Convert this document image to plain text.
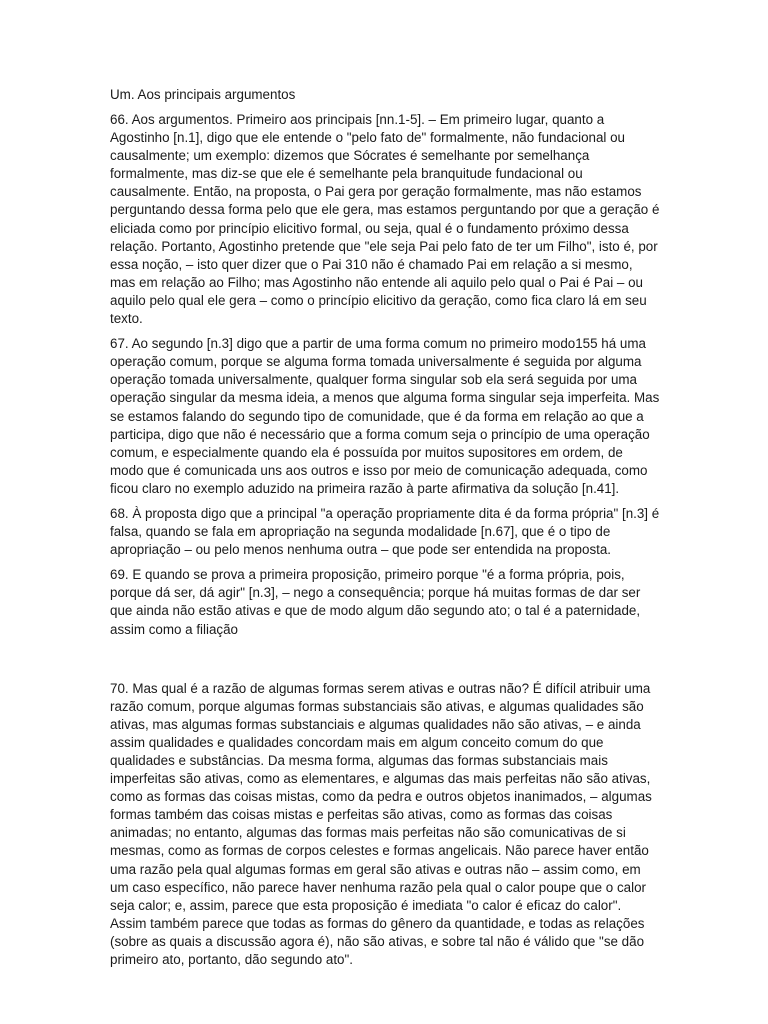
Um. Aos principais argumentos

66. Aos argumentos. Primeiro aos principais [nn.1-5]. – Em primeiro lugar, quanto a Agostinho [n.1], digo que ele entende o "pelo fato de" formalmente, não fundacional ou causalmente; um exemplo: dizemos que Sócrates é semelhante por semelhança formalmente, mas diz-se que ele é semelhante pela branquitude fundacional ou causalmente. Então, na proposta, o Pai gera por geração formalmente, mas não estamos perguntando dessa forma pelo que ele gera, mas estamos perguntando por que a geração é eliciada como por princípio elicitivo formal, ou seja, qual é o fundamento próximo dessa relação. Portanto, Agostinho pretende que "ele seja Pai pelo fato de ter um Filho", isto é, por essa noção, – isto quer dizer que o Pai 310 não é chamado Pai em relação a si mesmo, mas em relação ao Filho; mas Agostinho não entende ali aquilo pelo qual o Pai é Pai – ou aquilo pelo qual ele gera – como o princípio elicitivo da geração, como fica claro lá em seu texto.

67. Ao segundo [n.3] digo que a partir de uma forma comum no primeiro modo155 há uma operação comum, porque se alguma forma tomada universalmente é seguida por alguma operação tomada universalmente, qualquer forma singular sob ela será seguida por uma operação singular da mesma ideia, a menos que alguma forma singular seja imperfeita. Mas se estamos falando do segundo tipo de comunidade, que é da forma em relação ao que a participa, digo que não é necessário que a forma comum seja o princípio de uma operação comum, e especialmente quando ela é possuída por muitos supositores em ordem, de modo que é comunicada uns aos outros e isso por meio de comunicação adequada, como ficou claro no exemplo aduzido na primeira razão à parte afirmativa da solução [n.41].

68. À proposta digo que a principal "a operação propriamente dita é da forma própria" [n.3] é falsa, quando se fala em apropriação na segunda modalidade [n.67], que é o tipo de apropriação – ou pelo menos nenhuma outra – que pode ser entendida na proposta.

69. E quando se prova a primeira proposição, primeiro porque "é a forma própria, pois, porque dá ser, dá agir" [n.3], – nego a consequência; porque há muitas formas de dar ser que ainda não estão ativas e que de modo algum dão segundo ato; o tal é a paternidade, assim como a filiação

70. Mas qual é a razão de algumas formas serem ativas e outras não? É difícil atribuir uma razão comum, porque algumas formas substanciais são ativas, e algumas qualidades são ativas, mas algumas formas substanciais e algumas qualidades não são ativas, – e ainda assim qualidades e qualidades concordam mais em algum conceito comum do que qualidades e substâncias. Da mesma forma, algumas das formas substanciais mais imperfeitas são ativas, como as elementares, e algumas das mais perfeitas não são ativas, como as formas das coisas mistas, como da pedra e outros objetos inanimados, – algumas formas também das coisas mistas e perfeitas são ativas, como as formas das coisas animadas; no entanto, algumas das formas mais perfeitas não são comunicativas de si mesmas, como as formas de corpos celestes e formas angelicais. Não parece haver então uma razão pela qual algumas formas em geral são ativas e outras não – assim como, em um caso específico, não parece haver nenhuma razão pela qual o calor poupe que o calor seja calor; e, assim, parece que esta proposição é imediata "o calor é eficaz do calor". Assim também parece que todas as formas do gênero da quantidade, e todas as relações (sobre as quais a discussão agora é), não são ativas, e sobre tal não é válido que "se dão primeiro ato, portanto, dão segundo ato".
